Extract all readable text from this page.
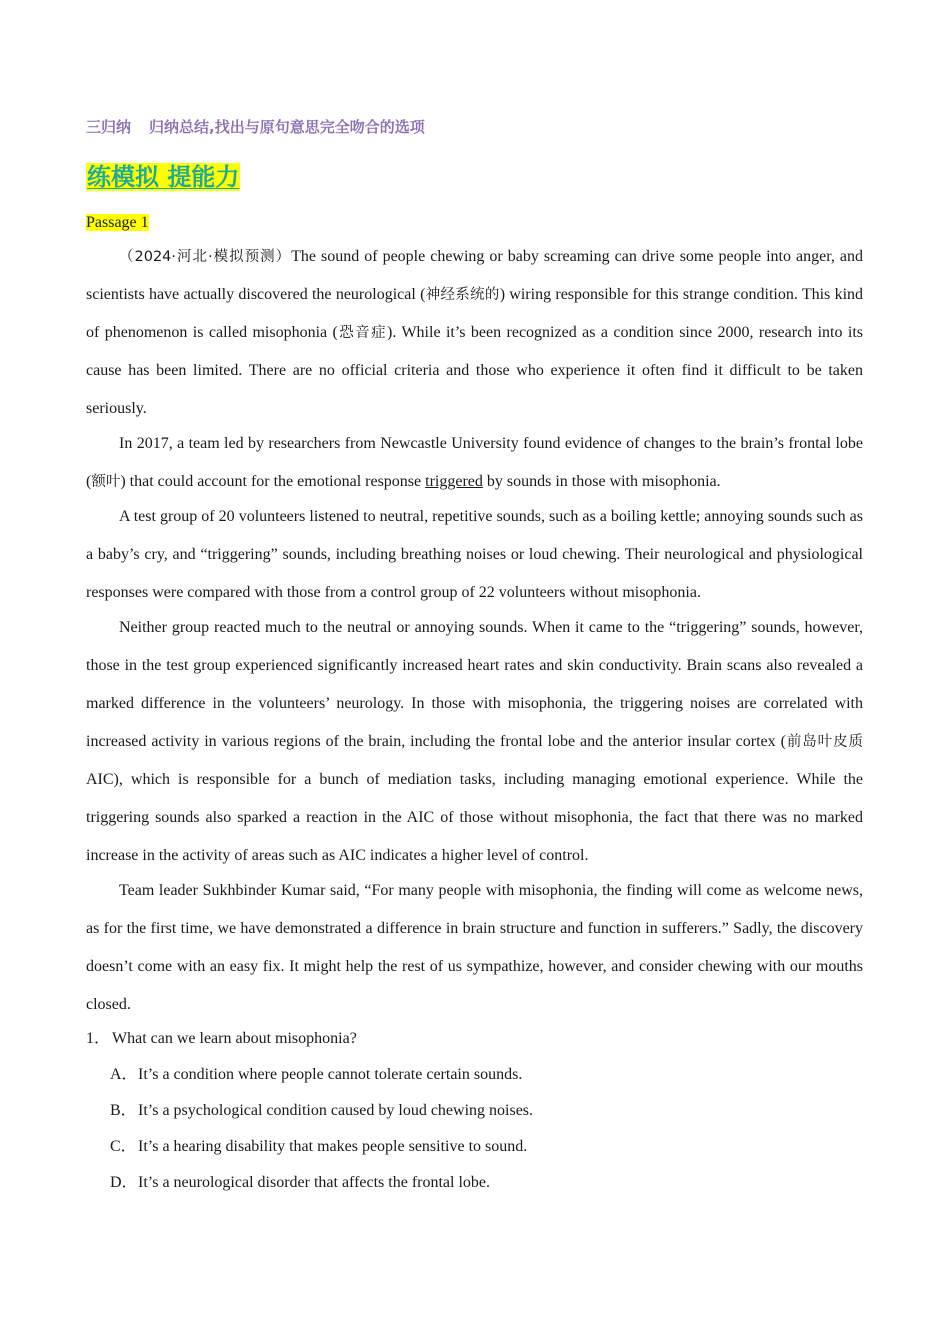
三归纳 归纳总结,找出与原句意思完全吻合的选项
练模拟 提能力
Passage 1

（2024·河北·模拟预测）The sound of people chewing or baby screaming can drive some people into anger, and scientists have actually discovered the neurological (神经系统的) wiring responsible for this strange condition. This kind of phenomenon is called misophonia (恐音症). While it’s been recognized as a condition since 2000, research into its cause has been limited. There are no official criteria and those who experience it often find it difficult to be taken seriously.

In 2017, a team led by researchers from Newcastle University found evidence of changes to the brain’s frontal lobe (额叶) that could account for the emotional response triggered by sounds in those with misophonia.

A test group of 20 volunteers listened to neutral, repetitive sounds, such as a boiling kettle; annoying sounds such as a baby’s cry, and “triggering” sounds, including breathing noises or loud chewing. Their neurological and physiological responses were compared with those from a control group of 22 volunteers without misophonia.

Neither group reacted much to the neutral or annoying sounds. When it came to the “triggering” sounds, however, those in the test group experienced significantly increased heart rates and skin conductivity. Brain scans also revealed a marked difference in the volunteers’ neurology. In those with misophonia, the triggering noises are correlated with increased activity in various regions of the brain, including the frontal lobe and the anterior insular cortex (前岛叶皮质 AIC), which is responsible for a bunch of mediation tasks, including managing emotional experience. While the triggering sounds also sparked a reaction in the AIC of those without misophonia, the fact that there was no marked increase in the activity of areas such as AIC indicates a higher level of control.

Team leader Sukhbinder Kumar said, “For many people with misophonia, the finding will come as welcome news, as for the first time, we have demonstrated a difference in brain structure and function in sufferers.” Sadly, the discovery doesn’t come with an easy fix. It might help the rest of us sympathize, however, and consider chewing with our mouths closed.

1． What can we learn about misophonia?
A．It’s a condition where people cannot tolerate certain sounds.
B．It’s a psychological condition caused by loud chewing noises.
C．It’s a hearing disability that makes people sensitive to sound.
D．It’s a neurological disorder that affects the frontal lobe.
